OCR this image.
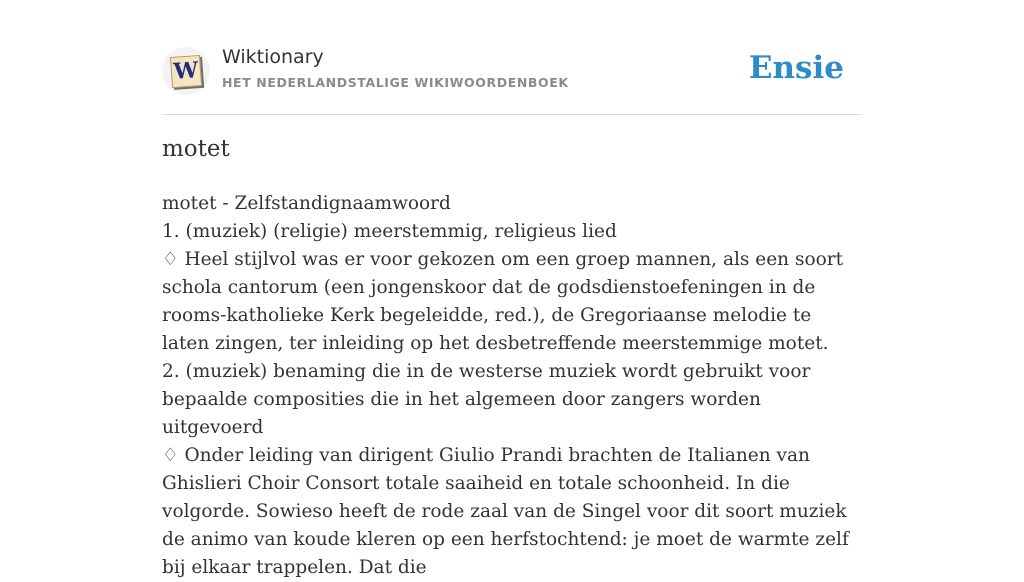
W
Wiktionary
HET NEDERLANDSTALIGE WIKIWOORDENBOEK	Ensie
motet

motet - Zelfstandignaamwoord

1. (muziek) (religie) meerstemmig, religieus lied

♢ Heel stijlvol was er voor gekozen om een groep mannen, als een soort schola cantorum (een jongenskoor dat de godsdienstoefeningen in de rooms-katholieke Kerk begeleidde, red.), de Gregoriaanse melodie te laten zingen, ter inleiding op het desbetreffende meerstemmige motet.

2. (muziek) benaming die in de westerse muziek wordt gebruikt voor bepaalde composities die in het algemeen door zangers worden uitgevoerd

♢ Onder leiding van dirigent Giulio Prandi brachten de Italianen van Ghislieri Choir Consort totale saaiheid en totale schoonheid. In die volgorde. Sowieso heeft de rode zaal van de Singel voor dit soort muziek de animo van koude kleren op een herfstochtend: je moet de warmte zelf bij elkaar trappelen. Dat die
